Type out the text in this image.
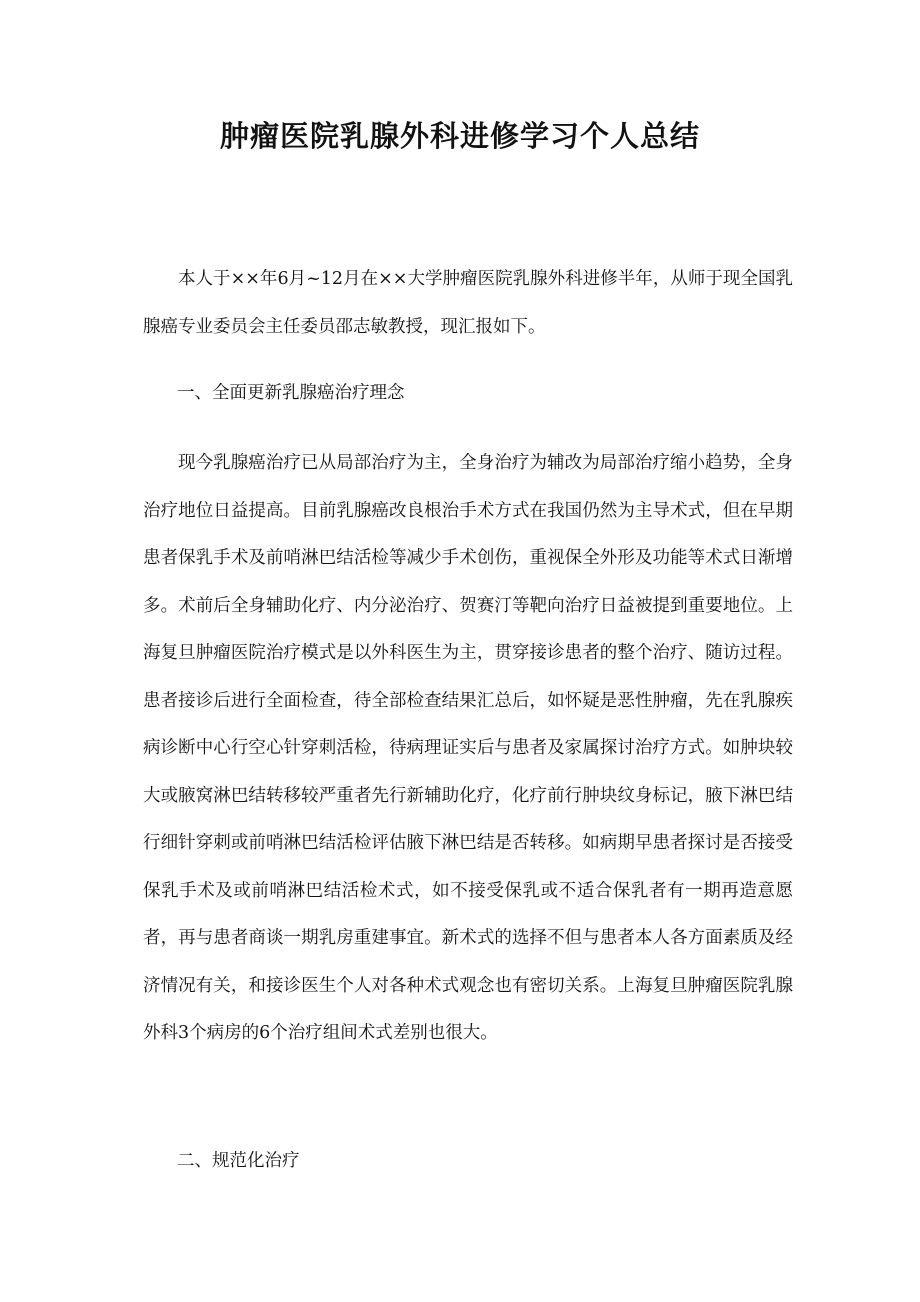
肿瘤医院乳腺外科进修学习个人总结

本人于××年6月~12月在××大学肿瘤医院乳腺外科进修半年，从师于现全国乳腺癌专业委员会主任委员邵志敏教授，现汇报如下。

一、全面更新乳腺癌治疗理念

现今乳腺癌治疗已从局部治疗为主，全身治疗为辅改为局部治疗缩小趋势，全身治疗地位日益提高。目前乳腺癌改良根治手术方式在我国仍然为主导术式，但在早期患者保乳手术及前哨淋巴结活检等减少手术创伤，重视保全外形及功能等术式日渐增多。术前后全身辅助化疗、内分泌治疗、贺赛汀等靶向治疗日益被提到重要地位。上海复旦肿瘤医院治疗模式是以外科医生为主，贯穿接诊患者的整个治疗、随访过程。患者接诊后进行全面检查，待全部检查结果汇总后，如怀疑是恶性肿瘤，先在乳腺疾病诊断中心行空心针穿刺活检，待病理证实后与患者及家属探讨治疗方式。如肿块较大或腋窝淋巴结转移较严重者先行新辅助化疗，化疗前行肿块纹身标记，腋下淋巴结行细针穿刺或前哨淋巴结活检评估腋下淋巴结是否转移。如病期早患者探讨是否接受保乳手术及或前哨淋巴结活检术式，如不接受保乳或不适合保乳者有一期再造意愿者，再与患者商谈一期乳房重建事宜。新术式的选择不但与患者本人各方面素质及经济情况有关，和接诊医生个人对各种术式观念也有密切关系。上海复旦肿瘤医院乳腺外科3个病房的6个治疗组间术式差别也很大。

二、规范化治疗
